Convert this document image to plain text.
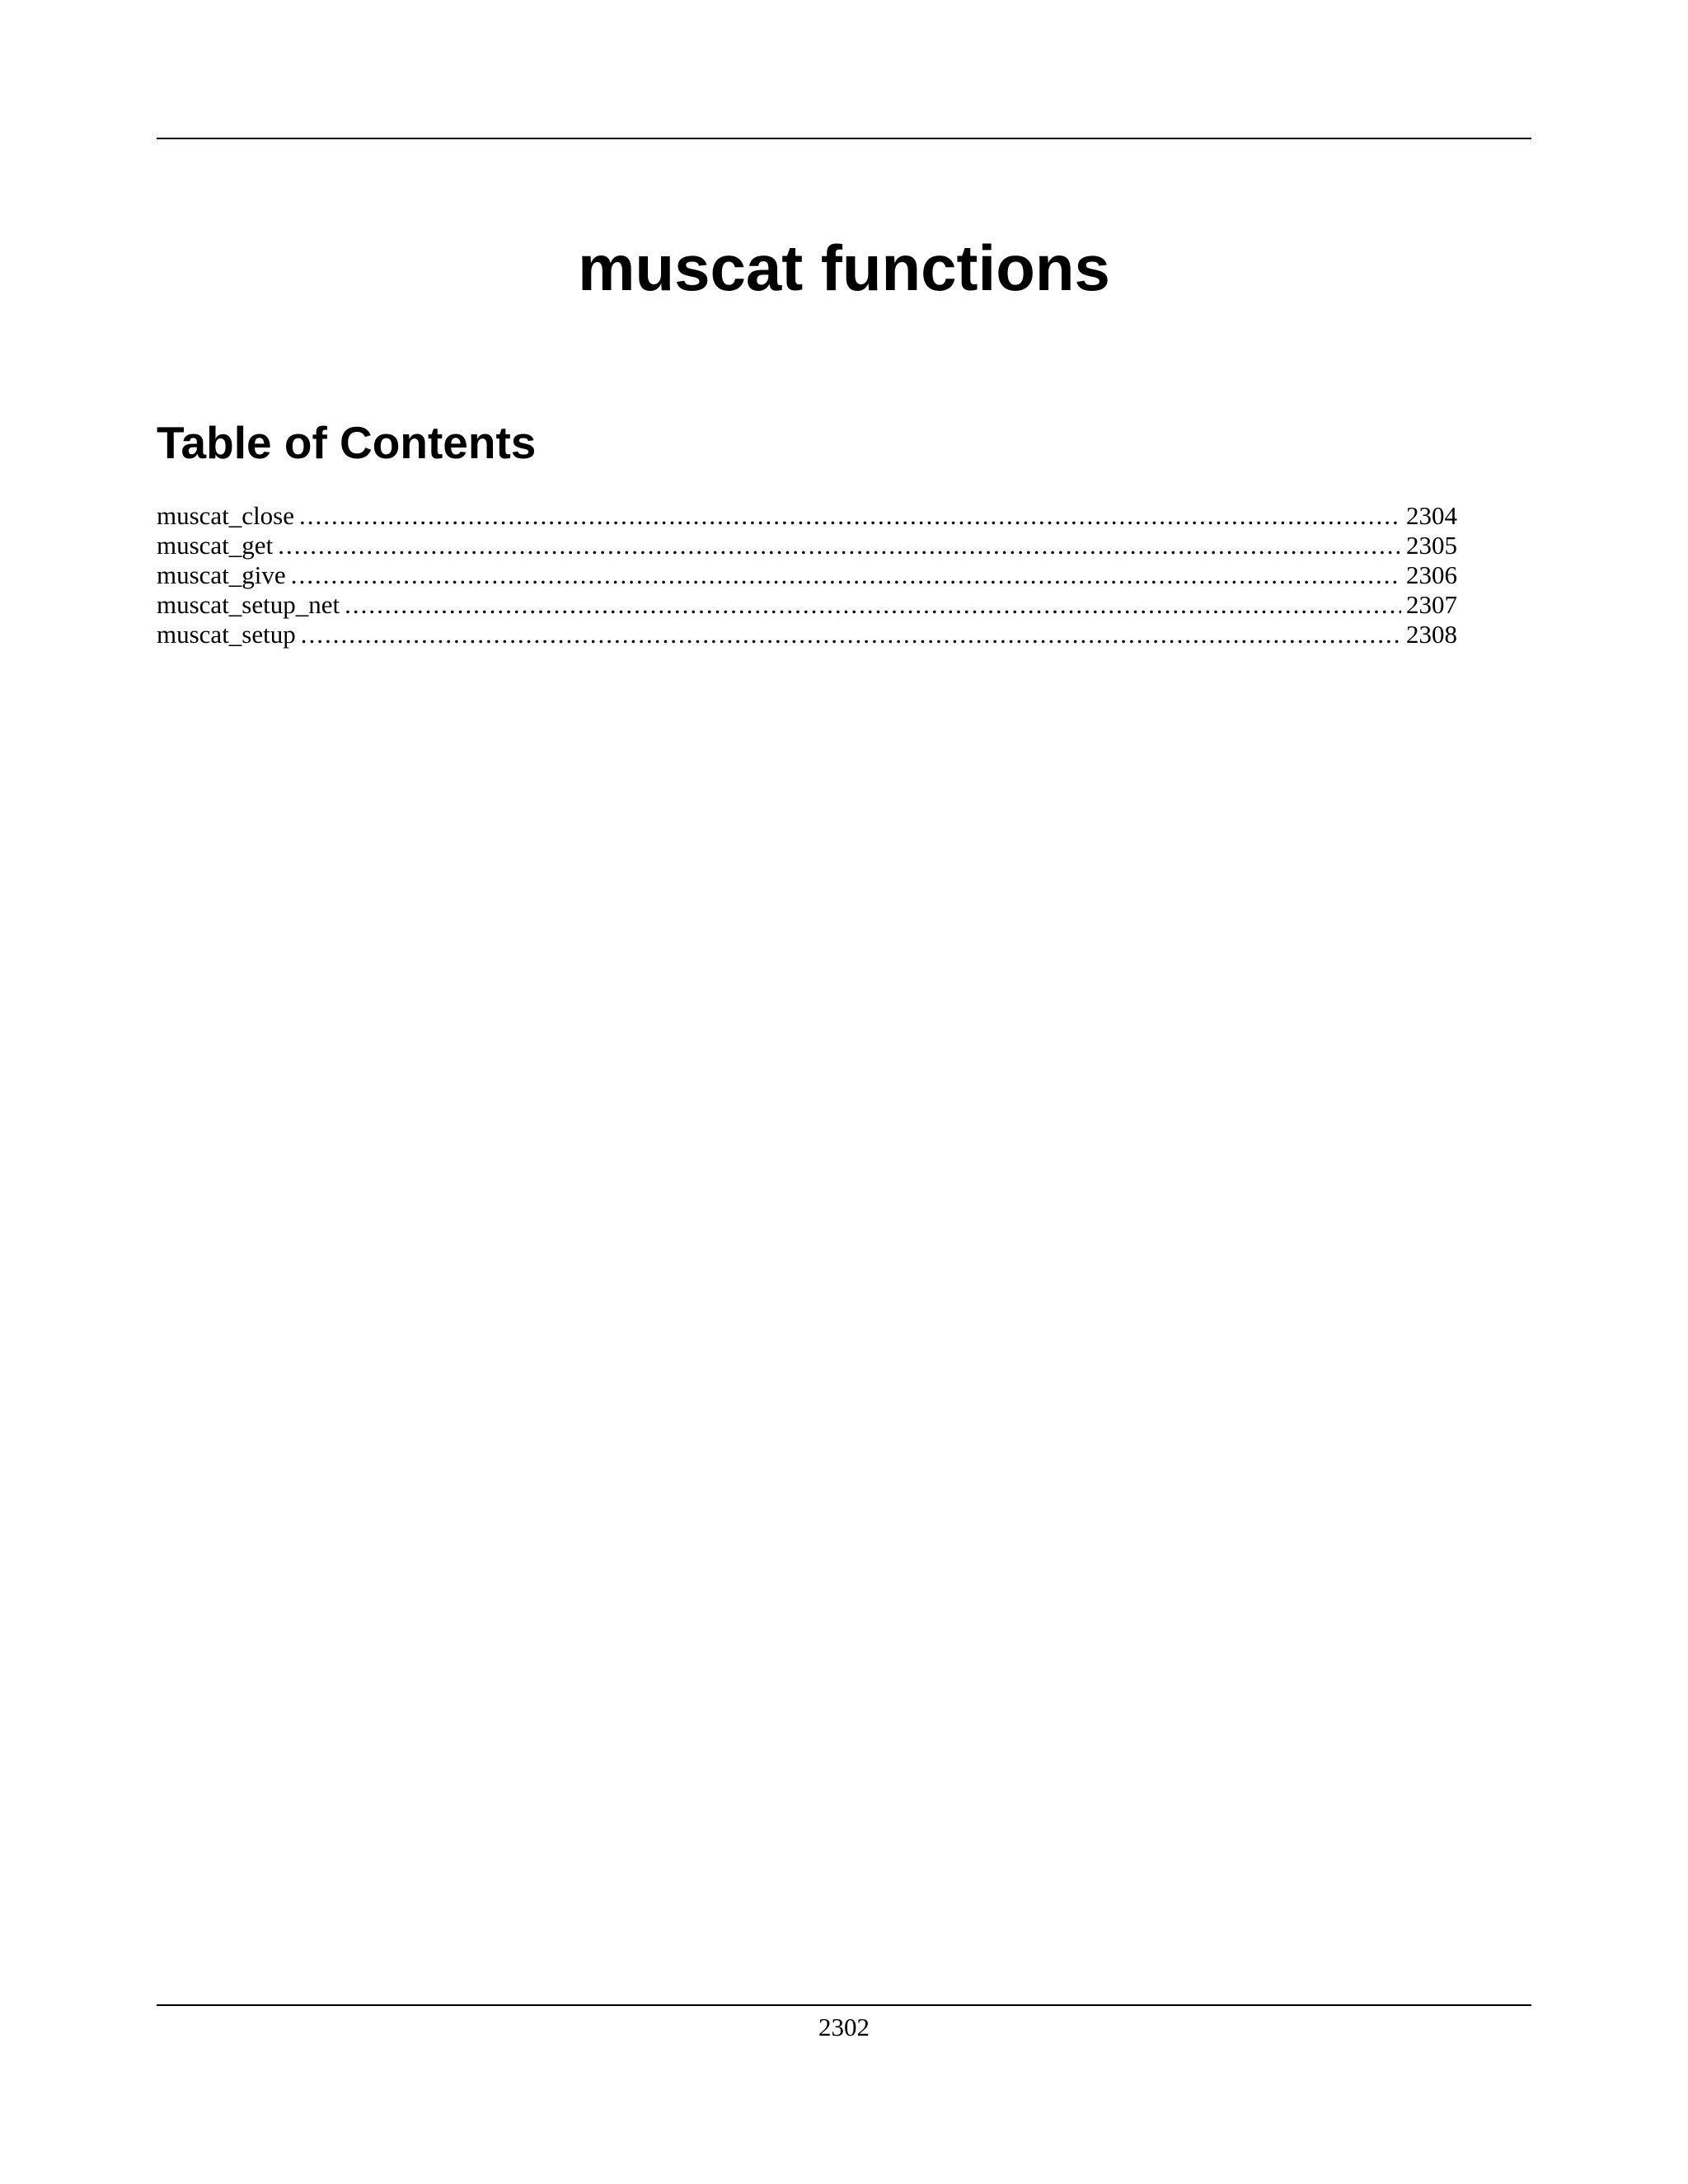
muscat functions
Table of Contents
muscat_close .....	2304
muscat_get .....	2305
muscat_give .....	2306
muscat_setup_net .....	2307
muscat_setup .....	2308
2302
